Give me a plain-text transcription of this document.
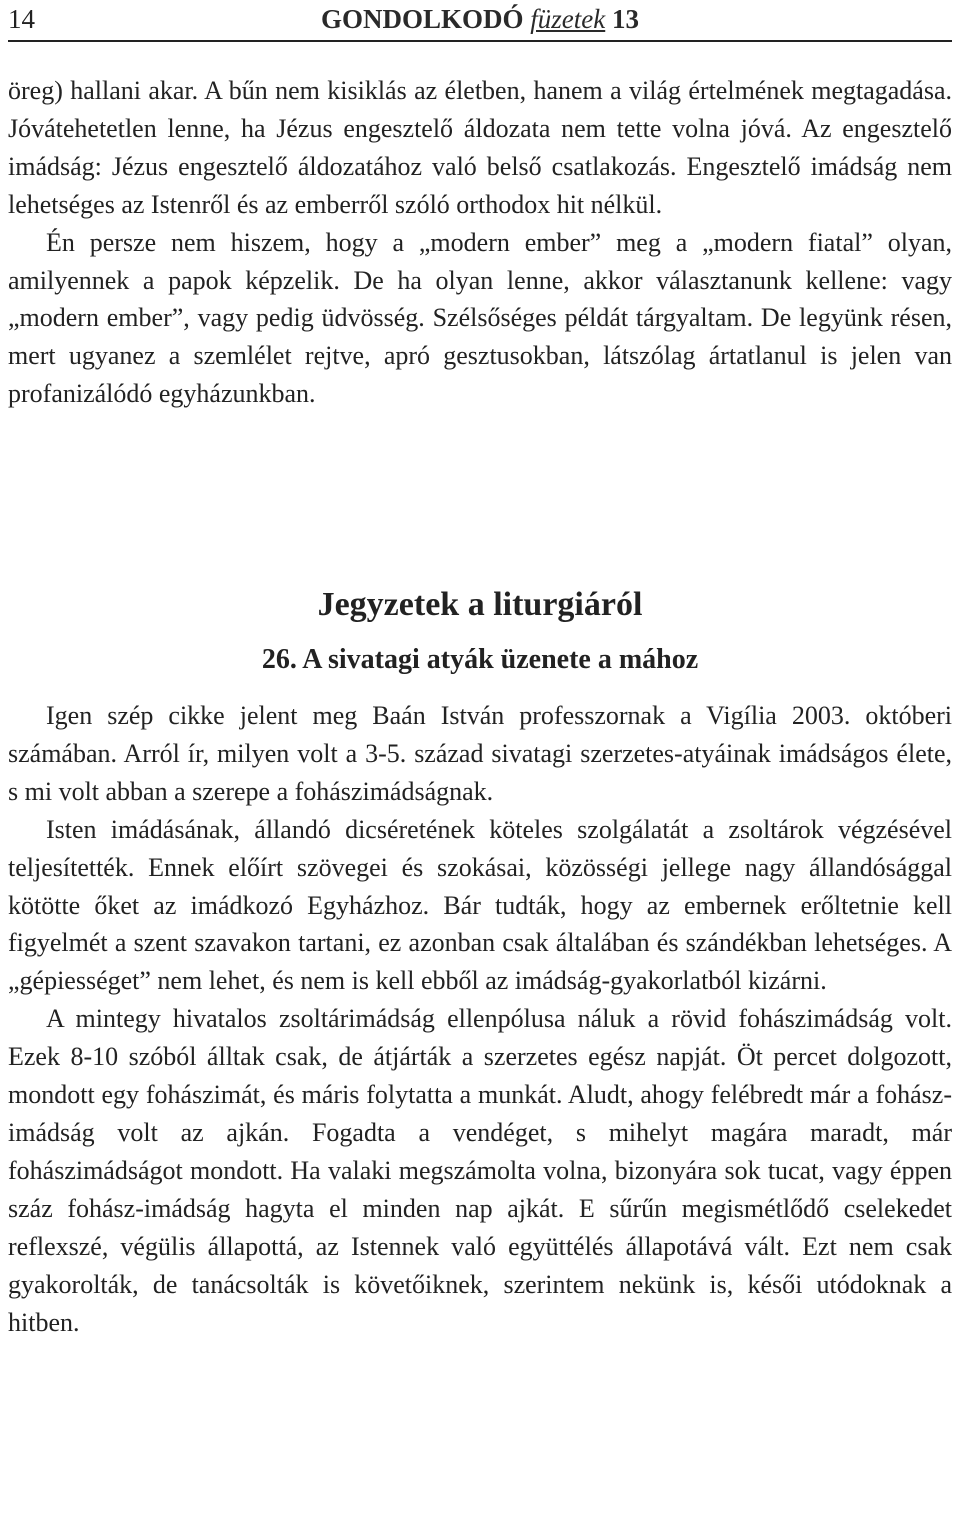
14	GONDOLKODÓ füzetek 13

öreg) hallani akar. A bűn nem kisiklás az életben, hanem a világ értelmének megtagadása. Jóvátehetetlen lenne, ha Jézus engesztelő áldozata nem tette volna jóvá. Az engesztelő imádság: Jézus engesztelő áldozatához való belső csatlakozás. Engesztelő imádság nem lehetséges az Istenről és az emberről szóló orthodox hit nélkül.

Én persze nem hiszem, hogy a „modern ember” meg a „modern fiatal” olyan, amilyennek a papok képzelik. De ha olyan lenne, akkor választanunk kellene: vagy „modern ember”, vagy pedig üdvösség. Szélsőséges példát tárgyaltam. De legyünk résen, mert ugyanez a szemlélet rejtve, apró gesztusokban, látszólag ártatlanul is jelen van profanizálódó egyházunkban.

Jegyzetek a liturgiáról
26. A sivatagi atyák üzenete a mához

Igen szép cikke jelent meg Baán István professzornak a Vigília 2003. októberi számában. Arról ír, milyen volt a 3-5. század sivatagi szerzetes-atyáinak imádságos élete, s mi volt abban a szerepe a fohászimádságnak.

Isten imádásának, állandó dicséretének köteles szolgálatát a zsoltárok végzésével teljesítették. Ennek előírt szövegei és szokásai, közösségi jellege nagy állandósággal kötötte őket az imádkozó Egyházhoz. Bár tudták, hogy az embernek erőltetnie kell figyelmét a szent szavakon tartani, ez azonban csak általában és szándékban lehetséges. A „gépiességet” nem lehet, és nem is kell ebből az imádság-gyakorlatból kizárni.

A mintegy hivatalos zsoltárimádság ellenpólusa náluk a rövid fohászimádság volt. Ezek 8-10 szóból álltak csak, de átjárták a szerzetes egész napját. Öt percet dolgozott, mondott egy fohászimát, és máris folytatta a munkát. Aludt, ahogy felébredt már a fohász-imádság volt az ajkán. Fogadta a vendéget, s mihelyt magára maradt, már fohászimádságot mondott. Ha valaki megszámolta volna, bizonyára sok tucat, vagy éppen száz fohász-imádság hagyta el minden nap ajkát. E sűrűn megismétlődő cselekedet reflexszé, végülis állapottá, az Istennek való együttélés állapotává vált. Ezt nem csak gyakorolták, de tanácsolták is követőiknek, szerintem nekünk is, késői utódoknak a hitben.
